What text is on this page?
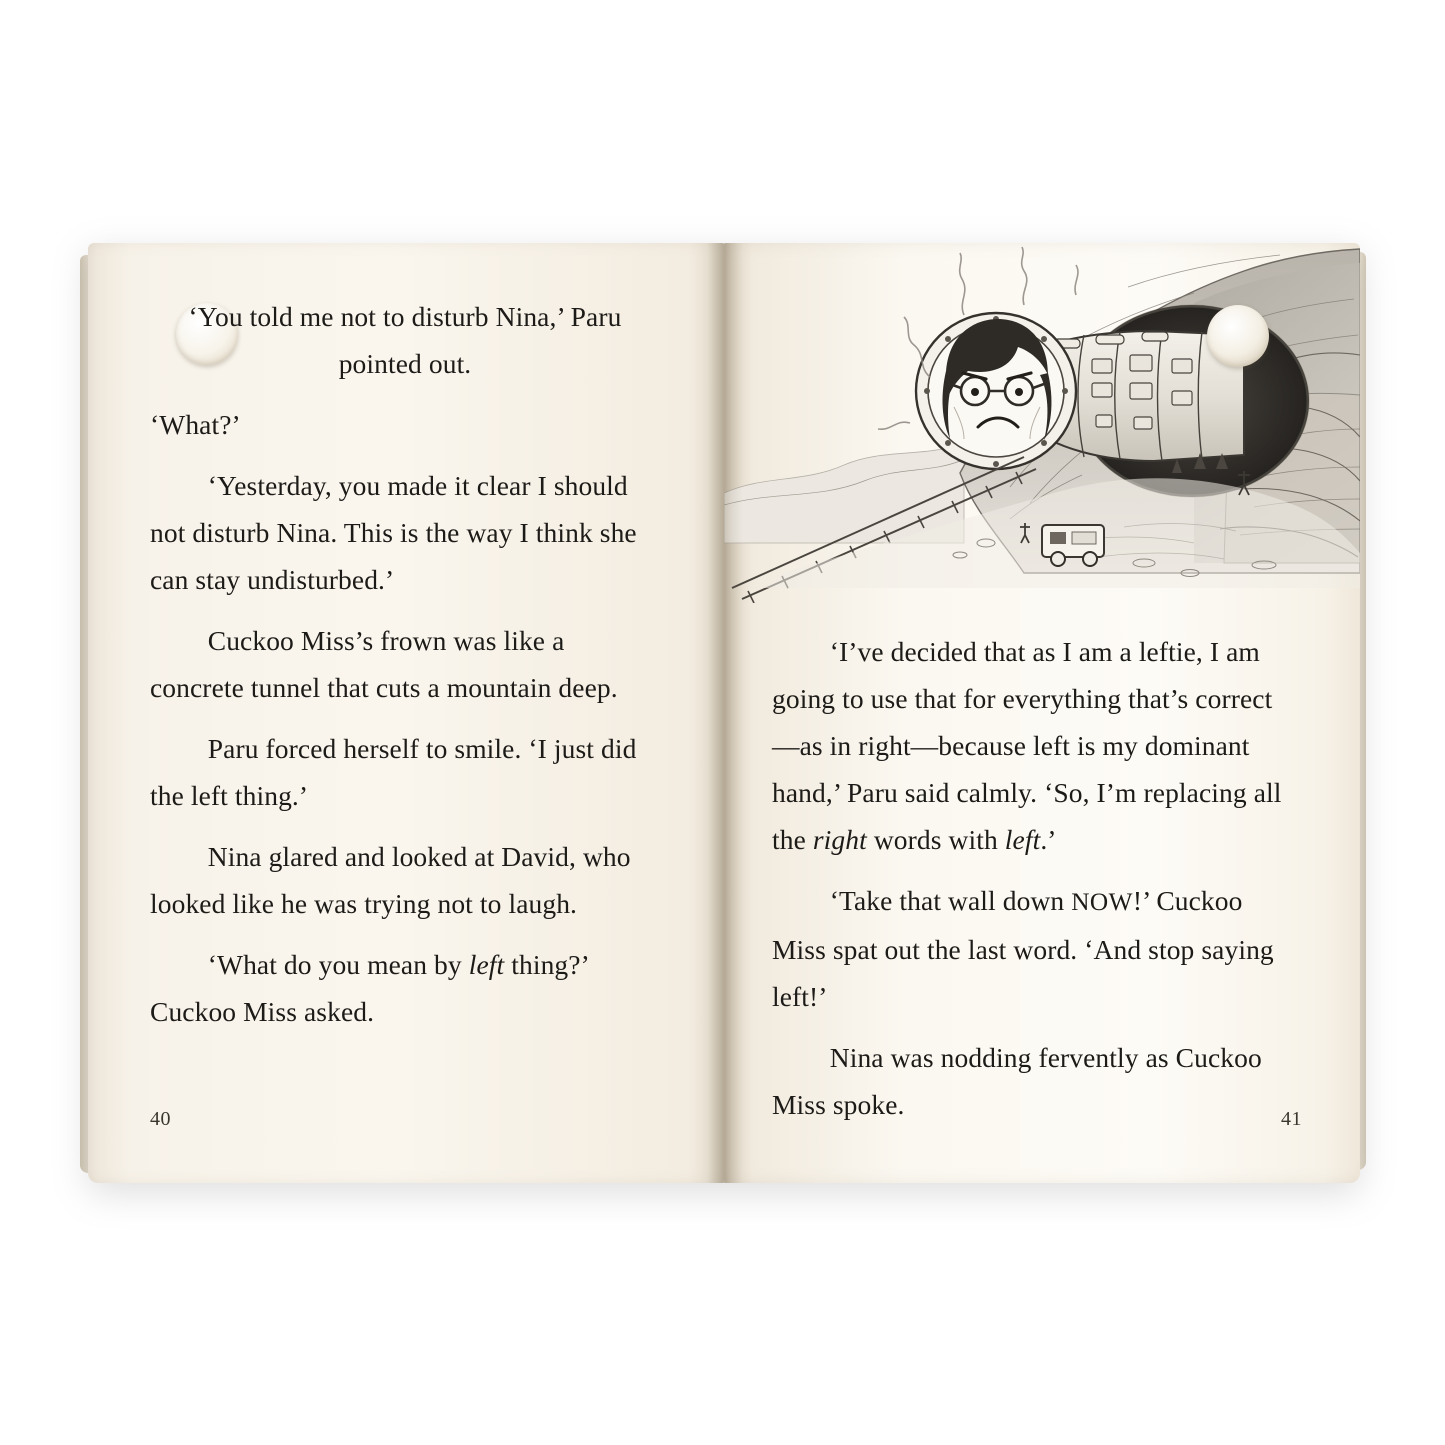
‘You told me not to disturb Nina,’ Paru pointed out.

‘What?’

‘Yesterday, you made it clear I should not disturb Nina. This is the way I think she can stay undisturbed.’

Cuckoo Miss’s frown was like a concrete tunnel that cuts a mountain deep.

Paru forced herself to smile. ‘I just did the left thing.’

Nina glared and looked at David, who looked like he was trying not to laugh.

‘What do you mean by left thing?’ Cuckoo Miss asked.

40

‘I’ve decided that as I am a leftie, I am going to use that for everything that’s correct—as in right—because left is my dominant hand,’ Paru said calmly. ‘So, I’m replacing all the right words with left.’

‘Take that wall down NOW!’ Cuckoo Miss spat out the last word. ‘And stop saying left!’

Nina was nodding fervently as Cuckoo Miss spoke.	41
